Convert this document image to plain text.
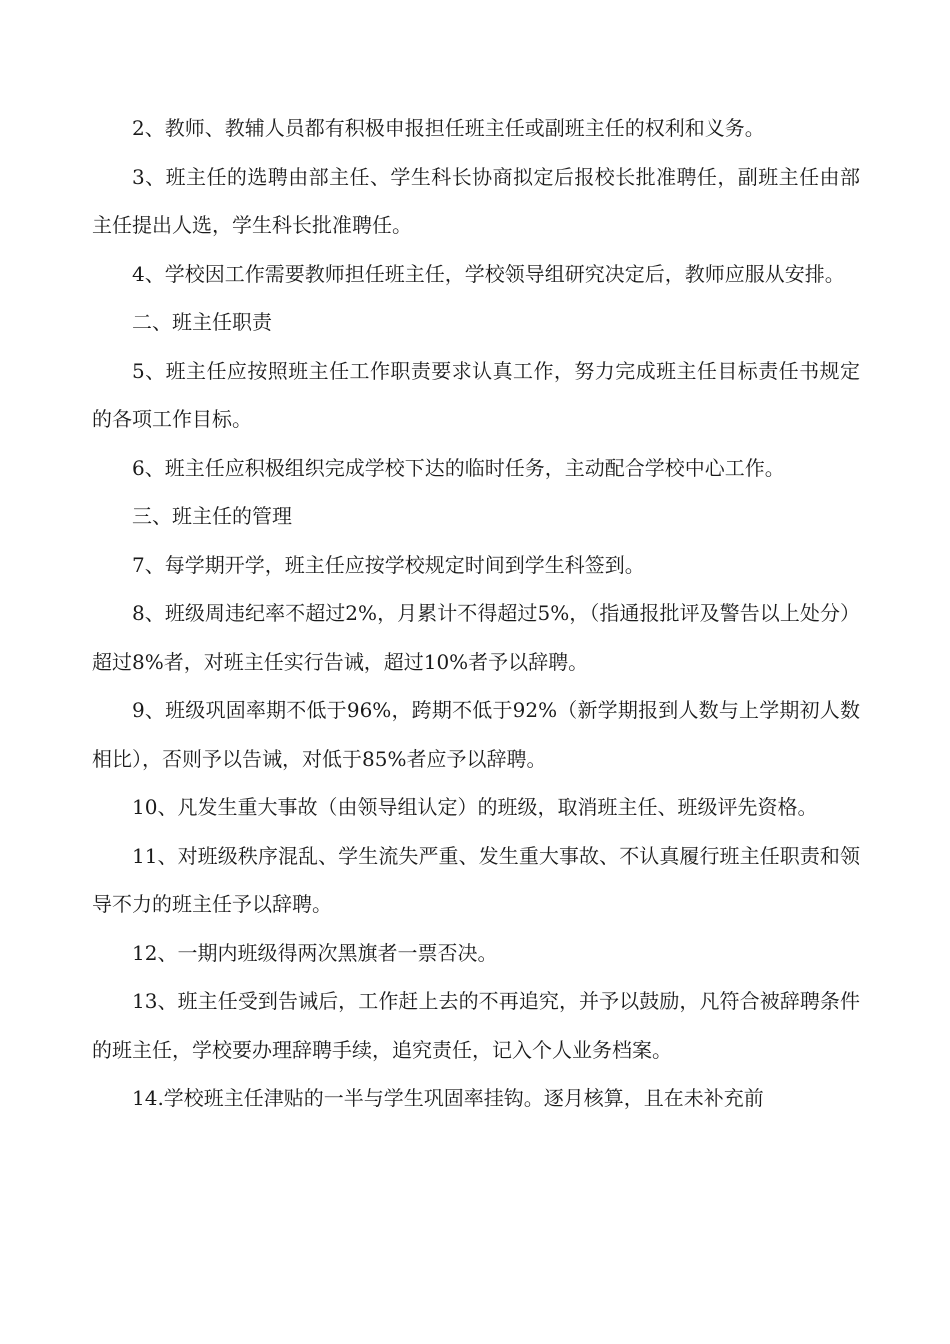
2、教师、教辅人员都有积极申报担任班主任或副班主任的权利和义务。

3、班主任的选聘由部主任、学生科长协商拟定后报校长批准聘任，副班主任由部主任提出人选，学生科长批准聘任。

4、学校因工作需要教师担任班主任，学校领导组研究决定后，教师应服从安排。

二、班主任职责

5、班主任应按照班主任工作职责要求认真工作，努力完成班主任目标责任书规定的各项工作目标。

6、班主任应积极组织完成学校下达的临时任务，主动配合学校中心工作。

三、班主任的管理

7、每学期开学，班主任应按学校规定时间到学生科签到。

8、班级周违纪率不超过2%，月累计不得超过5%，（指通报批评及警告以上处分）超过8%者，对班主任实行告诫，超过10%者予以辞聘。

9、班级巩固率期不低于96%，跨期不低于92%（新学期报到人数与上学期初人数相比），否则予以告诫，对低于85%者应予以辞聘。

10、凡发生重大事故（由领导组认定）的班级，取消班主任、班级评先资格。

11、对班级秩序混乱、学生流失严重、发生重大事故、不认真履行班主任职责和领导不力的班主任予以辞聘。

12、一期内班级得两次黑旗者一票否决。

13、班主任受到告诫后，工作赶上去的不再追究，并予以鼓励，凡符合被辞聘条件的班主任，学校要办理辞聘手续，追究责任，记入个人业务档案。

14.学校班主任津贴的一半与学生巩固率挂钩。逐月核算，且在未补充前
